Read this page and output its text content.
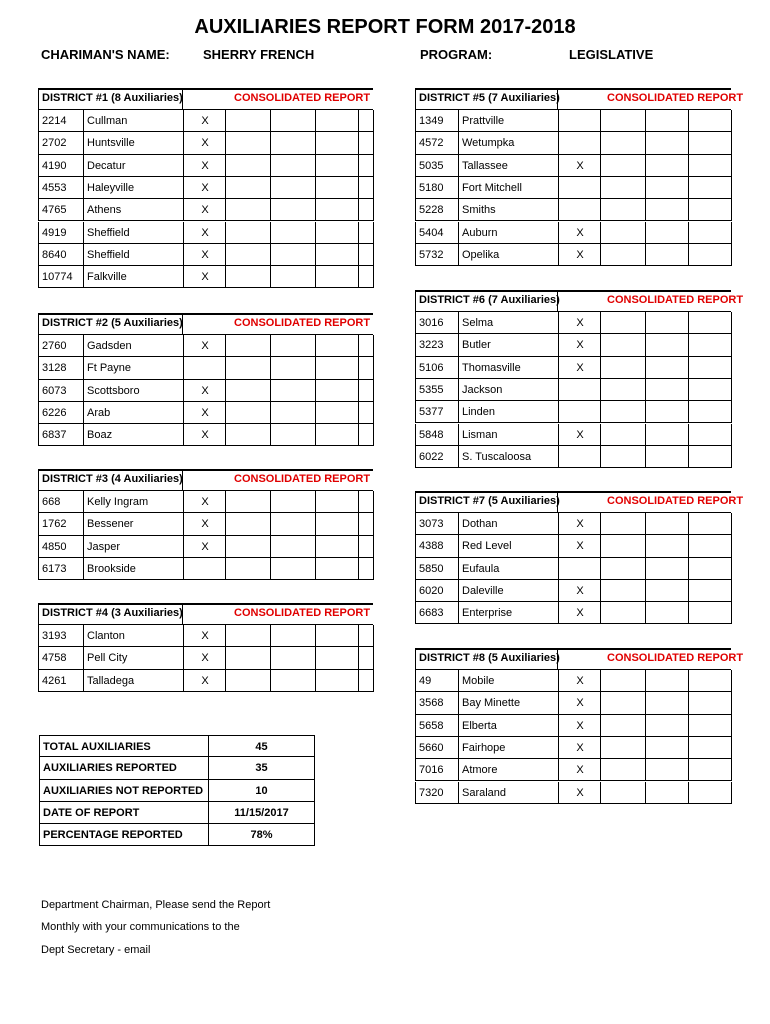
AUXILIARIES REPORT FORM 2017-2018
CHARIMAN'S NAME:	SHERRY FRENCH	PROGRAM:	LEGISLATIVE
DISTRICT #1 (8 Auxiliaries)	CONSOLIDATED REPORT
2214	Cullman	X
2702	Huntsville	X
4190	Decatur	X
4553	Haleyville	X
4765	Athens	X
4919	Sheffield	X
8640	Sheffield	X
10774	Falkville	X
DISTRICT #2 (5 Auxiliaries)	CONSOLIDATED REPORT
2760	Gadsden	X
3128	Ft Payne
6073	Scottsboro	X
6226	Arab	X
6837	Boaz	X
DISTRICT #3 (4 Auxiliaries)	CONSOLIDATED REPORT
668	Kelly Ingram	X
1762	Bessener	X
4850	Jasper	X
6173	Brookside
DISTRICT #4 (3 Auxiliaries)	CONSOLIDATED REPORT
3193	Clanton	X
4758	Pell City	X
4261	Talladega	X
DISTRICT #5 (7 Auxiliaries)	CONSOLIDATED REPORT
1349	Prattville
4572	Wetumpka
5035	Tallassee	X
5180	Fort Mitchell
5228	Smiths
5404	Auburn	X
5732	Opelika	X
DISTRICT #6 (7 Auxiliaries)	CONSOLIDATED REPORT
3016	Selma	X
3223	Butler	X
5106	Thomasville	X
5355	Jackson
5377	Linden
5848	Lisman	X
6022	S. Tuscaloosa
DISTRICT #7 (5 Auxiliaries)	CONSOLIDATED REPORT
3073	Dothan	X
4388	Red Level	X
5850	Eufaula
6020	Daleville	X
6683	Enterprise	X
DISTRICT #8 (5 Auxiliaries)	CONSOLIDATED REPORT
49	Mobile	X
3568	Bay Minette	X
5658	Elberta	X
5660	Fairhope	X
7016	Atmore	X
7320	Saraland	X
TOTAL AUXILIARIES	45
AUXILIARIES REPORTED	35
AUXILIARIES NOT REPORTED	10
DATE OF REPORT	11/15/2017
PERCENTAGE REPORTED	78%
Department Chairman, Please send the Report
Monthly with your communications to the
Dept Secretary - email
